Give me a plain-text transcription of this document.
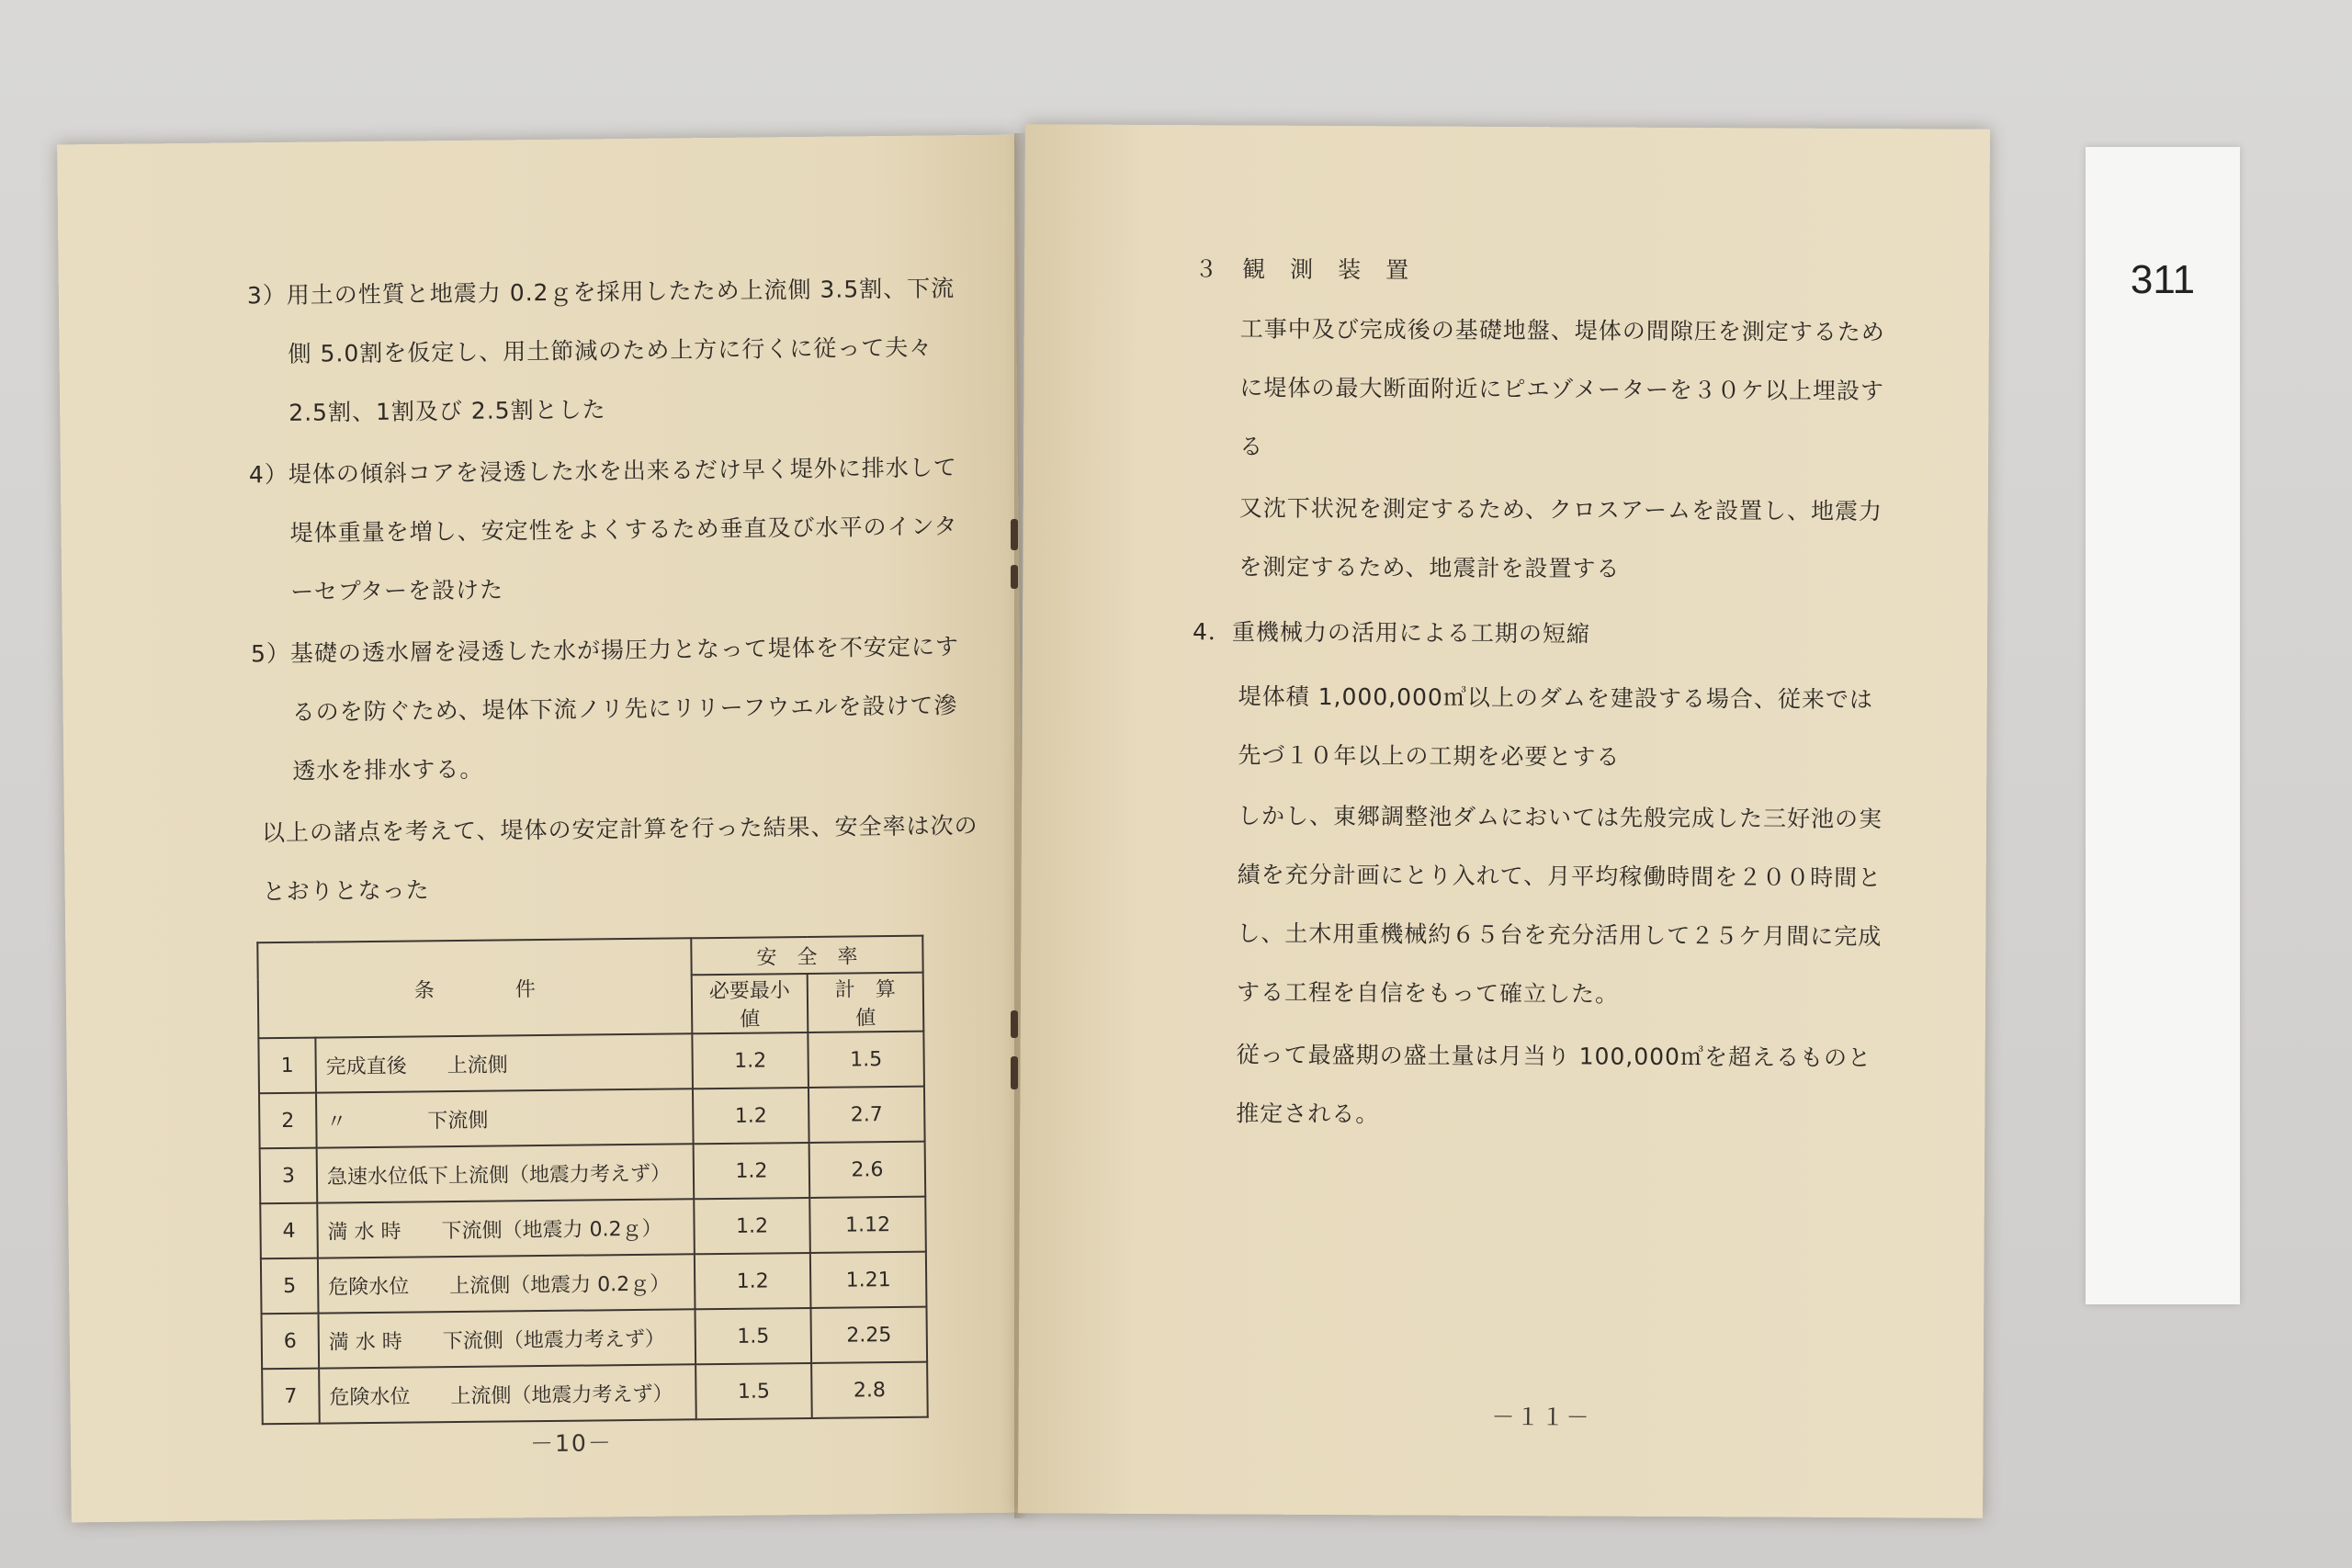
3）用土の性質と地震力 0.2ｇを採用したため上流側 3.5割、下流
側 5.0割を仮定し、用土節減のため上方に行くに従って夫々
2.5割、1割及び 2.5割とした
4）堤体の傾斜コアを浸透した水を出来るだけ早く堤外に排水して
堤体重量を増し、安定性をよくするため垂直及び水平のインタ
ーセプターを設けた
5）基礎の透水層を浸透した水が揚圧力となって堤体を不安定にす
るのを防ぐため、堤体下流ノリ先にリリーフウエルを設けて滲
透水を排水する。
以上の諸点を考えて、堤体の安定計算を行った結果、安全率は次の
とおりとなった
条　　　　件		安　全　率	
		必要最小値	計　算　値
1	完成直後　　上流側	1.2	1.5
2	〃　　　　下流側	1.2	2.7
3	急速水位低下上流側（地震力考えず）	1.2	2.6
4	満 水 時　　下流側（地震力 0.2ｇ）	1.2	1.12
5	危険水位　　上流側（地震力 0.2ｇ）	1.2	1.21
6	満 水 時　　下流側（地震力考えず）	1.5	2.25
7	危険水位　　上流側（地震力考えず）	1.5	2.8
－10－
３　観　測　装　置
工事中及び完成後の基礎地盤、堤体の間隙圧を測定するため
に堤体の最大断面附近にピエゾメーターを３０ケ以上埋設す
る
又沈下状況を測定するため、クロスアームを設置し、地震力
を測定するため、地震計を設置する
4．重機械力の活用による工期の短縮
堤体積 1,000,000㎥以上のダムを建設する場合、従来では
先づ１０年以上の工期を必要とする
しかし、東郷調整池ダムにおいては先般完成した三好池の実
績を充分計画にとり入れて、月平均稼働時間を２００時間と
し、土木用重機械約６５台を充分活用して２５ケ月間に完成
する工程を自信をもって確立した。
従って最盛期の盛土量は月当り 100,000㎥を超えるものと
推定される。
－１１－
311
